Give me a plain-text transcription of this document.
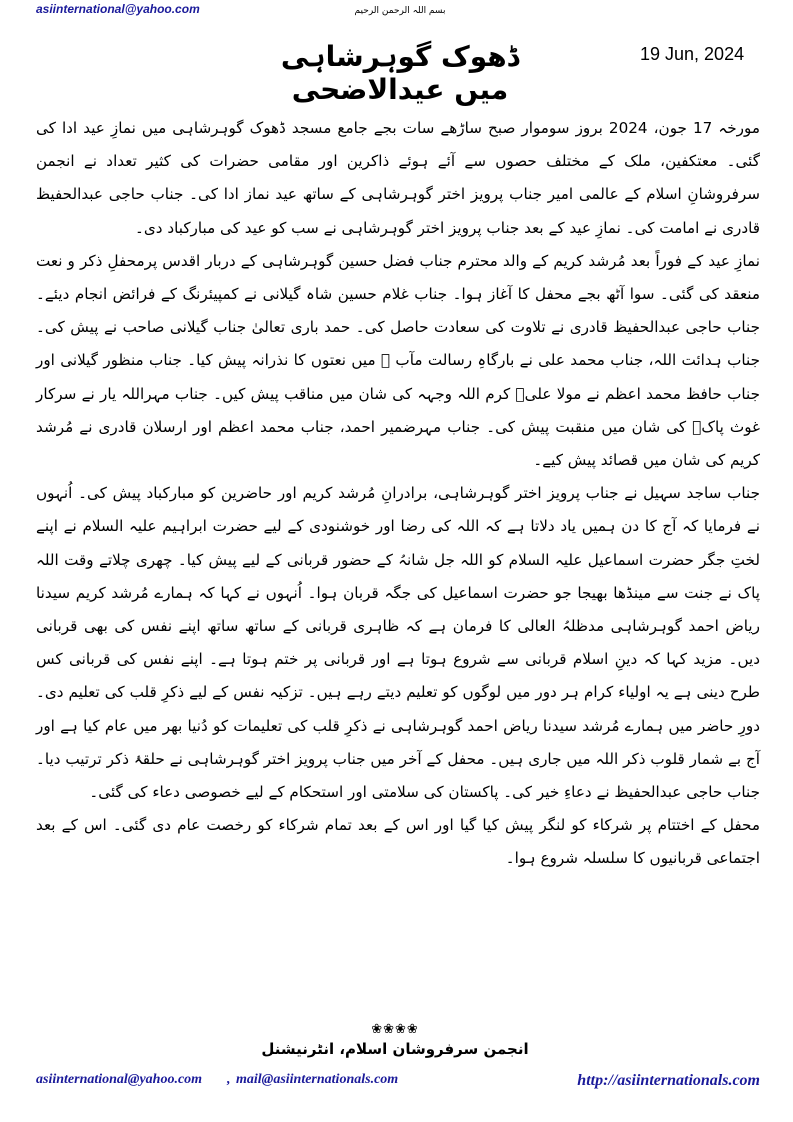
asiinternational@yahoo.com	بسم اللہ الرحمن الرحیم
19 Jun, 2024
ڈھوک گوہرشاہی میں عیدالاضحی

مورخہ 17 جون، 2024 بروز سوموار صبح ساڑھے سات بجے جامع مسجد ڈھوک گوہرشاہی میں نمازِ عید ادا کی گئی۔ معتکفین، ملک کے مختلف حصوں سے آئے ہوئے ذاکرین اور مقامی حضرات کی کثیر تعداد نے انجمن سرفروشانِ اسلام کے عالمی امیر جناب پرویز اختر گوہرشاہی کے ساتھ عید نماز ادا کی۔ جناب حاجی عبدالحفیظ قادری نے امامت کی۔ نمازِ عید کے بعد جناب پرویز اختر گوہرشاہی نے سب کو عید کی مبارکباد دی۔

نمازِ عید کے فوراً بعد مُرشد کریم کے والد محترم جناب فضل حسین گوہرشاہی کے دربار اقدس پرمحفلِ ذکر و نعت منعقد کی گئی۔ سوا آٹھ بجے محفل کا آغاز ہوا۔ جناب غلام حسین شاہ گیلانی نے کمپیئرنگ کے فرائض انجام دیئے۔ جناب حاجی عبدالحفیظ قادری نے تلاوت کی سعادت حاصل کی۔ حمد باری تعالیٰ جناب گیلانی صاحب نے پیش کی۔ جناب ہدائت اللہ، جناب محمد علی نے بارگاہِ رسالت مآب ﷺ میں نعتوں کا نذرانہ پیش کیا۔ جناب منظور گیلانی اور جناب حافظ محمد اعظم نے مولا علیؑ کرم اللہ وجہہ کی شان میں مناقب پیش کیں۔ جناب مہراللہ یار نے سرکار غوث پاکؒ کی شان میں منقبت پیش کی۔ جناب مہرضمیر احمد، جناب محمد اعظم اور ارسلان قادری نے مُرشد کریم کی شان میں قصائد پیش کیے۔

جناب ساجد سہیل نے جناب پرویز اختر گوہرشاہی، برادرانِ مُرشد کریم اور حاضرین کو مبارکباد پیش کی۔ اُنہوں نے فرمایا کہ آج کا دن ہمیں یاد دلاتا ہے کہ اللہ کی رضا اور خوشنودی کے لیے حضرت ابراہیم علیہ السلام نے اپنے لختِ جگر حضرت اسماعیل علیہ السلام کو اللہ جل شانہُ کے حضور قربانی کے لیے پیش کیا۔ چھری چلاتے وقت اللہ پاک نے جنت سے مینڈھا بھیجا جو حضرت اسماعیل کی جگہ قربان ہوا۔ اُنہوں نے کہا کہ ہمارے مُرشد کریم سیدنا ریاض احمد گوہرشاہی مدظلہُ العالی کا فرمان ہے کہ ظاہری قربانی کے ساتھ ساتھ اپنے نفس کی بھی قربانی دیں۔ مزید کہا کہ دینِ اسلام قربانی سے شروع ہوتا ہے اور قربانی پر ختم ہوتا ہے۔ اپنے نفس کی قربانی کس طرح دینی ہے یہ اولیاء کرام ہر دور میں لوگوں کو تعلیم دیتے رہے ہیں۔ تزکیہ نفس کے لیے ذکرِ قلب کی تعلیم دی۔ دورِ حاضر میں ہمارے مُرشد سیدنا ریاض احمد گوہرشاہی نے ذکرِ قلب کی تعلیمات کو دُنیا بھر میں عام کیا ہے اور آج بے شمار قلوب ذکر اللہ میں جاری ہیں۔ محفل کے آخر میں جناب پرویز اختر گوہرشاہی نے حلقۂ ذکر ترتیب دیا۔ جناب حاجی عبدالحفیظ نے دعاءِ خیر کی۔ پاکستان کی سلامتی اور استحکام کے لیے خصوصی دعاء کی گئی۔

محفل کے اختتام پر شرکاء کو لنگر پیش کیا گیا اور اس کے بعد تمام شرکاء کو رخصت عام دی گئی۔ اس کے بعد اجتماعی قربانیوں کا سلسلہ شروع ہوا۔

❀❀❀❀
انجمن سرفروشان اسلام، انٹرنیشنل
asiinternational@yahoo.com , mail@asiinternationals.com	http://asiinternationals.com
